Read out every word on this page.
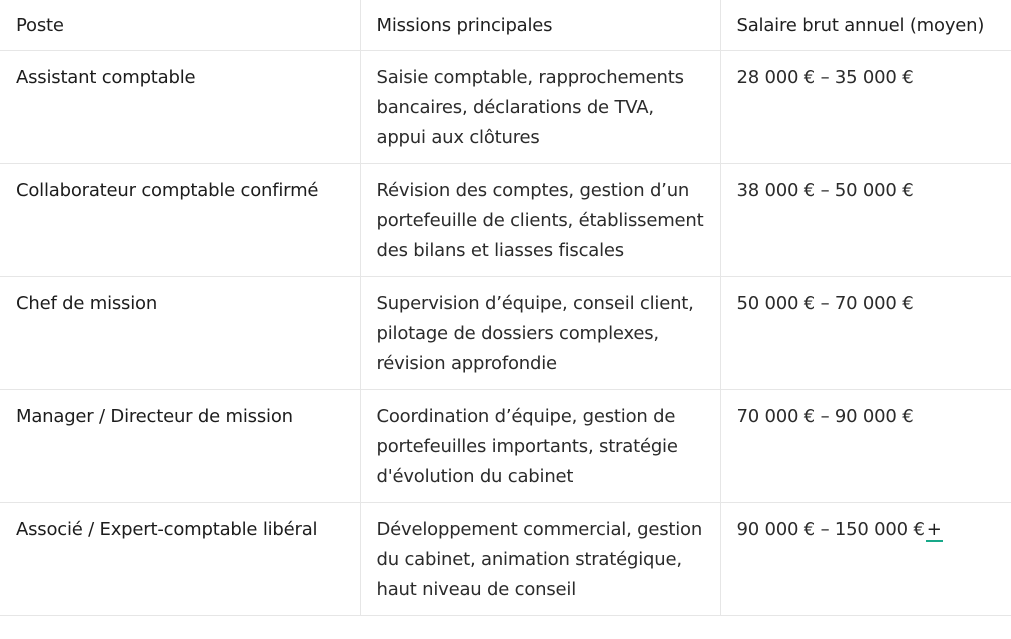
Poste	Missions principales	Salaire brut annuel (moyen)
Assistant comptable	Saisie comptable, rapprochements bancaires, déclarations de TVA, appui aux clôtures	28 000 € – 35 000 €
Collaborateur comptable confirmé	Révision des comptes, gestion d’un portefeuille de clients, établissement des bilans et liasses fiscales	38 000 € – 50 000 €
Chef de mission	Supervision d’équipe, conseil client, pilotage de dossiers complexes, révision approfondie	50 000 € – 70 000 €
Manager / Directeur de mission	Coordination d’équipe, gestion de portefeuilles importants, stratégie d'évolution du cabinet	70 000 € – 90 000 €
Associé / Expert-comptable libéral	Développement commercial, gestion du cabinet, animation stratégique, haut niveau de conseil	90 000 € – 150 000 € +
